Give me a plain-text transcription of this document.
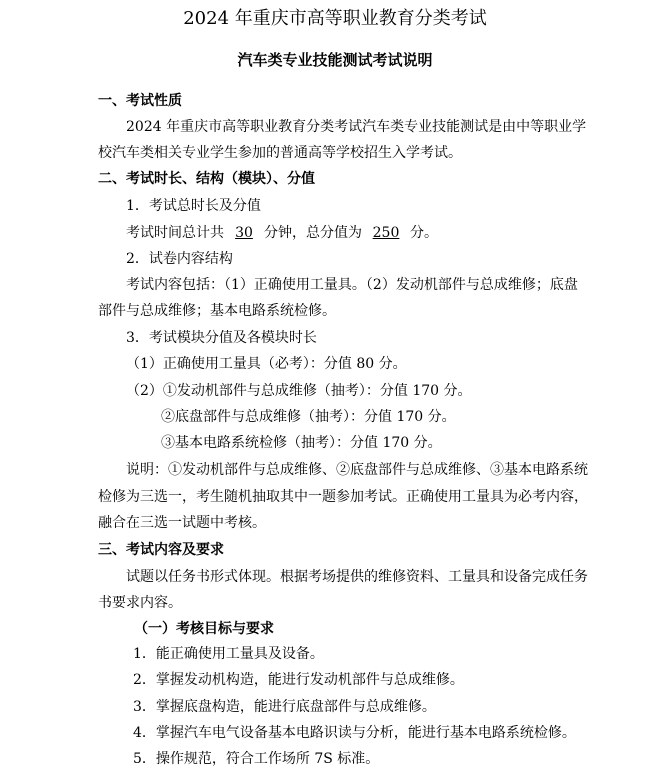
2024 年重庆市高等职业教育分类考试
汽车类专业技能测试考试说明
一、考试性质
2024 年重庆市高等职业教育分类考试汽车类专业技能测试是由中等职业学
校汽车类相关专业学生参加的普通高等学校招生入学考试。
二、考试时长、结构（模块）、分值
1．考试总时长及分值
考试时间总计共 30 分钟，总分值为 250 分。
2．试卷内容结构
考试内容包括：（1）正确使用工量具。（2）发动机部件与总成维修；底盘
部件与总成维修；基本电路系统检修。
3．考试模块分值及各模块时长
（1）正确使用工量具（必考）：分值 80 分。
（2）①发动机部件与总成维修（抽考）：分值 170 分。
②底盘部件与总成维修（抽考）：分值 170 分。
③基本电路系统检修（抽考）：分值 170 分。
说明：①发动机部件与总成维修、②底盘部件与总成维修、③基本电路系统
检修为三选一，考生随机抽取其中一题参加考试。正确使用工量具为必考内容，
融合在三选一试题中考核。
三、考试内容及要求
试题以任务书形式体现。根据考场提供的维修资料、工量具和设备完成任务
书要求内容。
（一）考核目标与要求
1．能正确使用工量具及设备。
2．掌握发动机构造，能进行发动机部件与总成维修。
3．掌握底盘构造，能进行底盘部件与总成维修。
4．掌握汽车电气设备基本电路识读与分析，能进行基本电路系统检修。
5．操作规范，符合工作场所 7S 标准。
